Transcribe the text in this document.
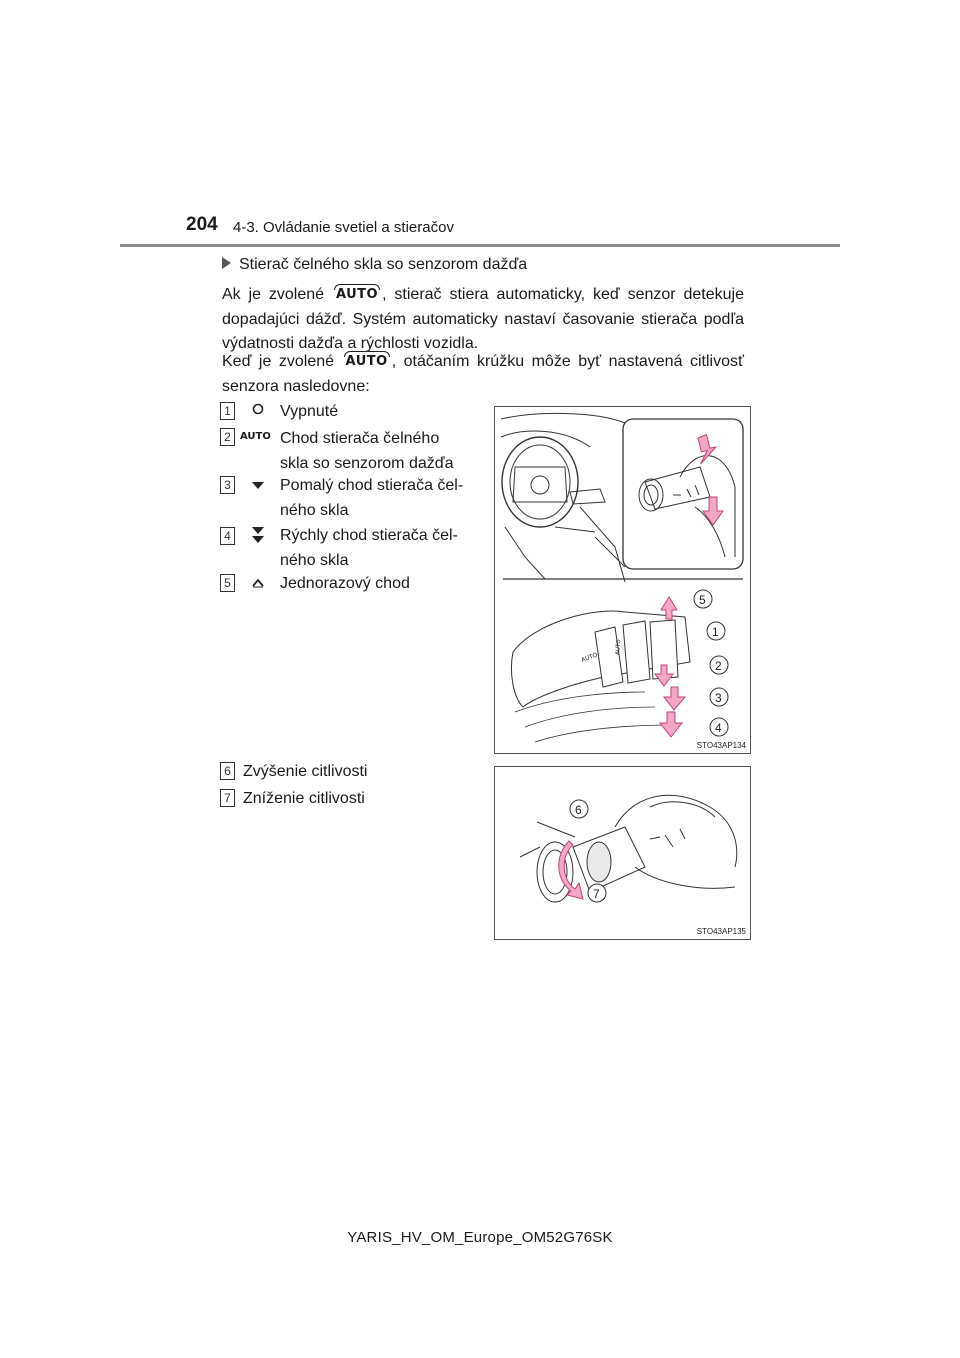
204 4-3. Ovládanie svetiel a stieračov
Stierač čelného skla so senzorom dažďa
Ak je zvolené AUTO , stierač stiera automaticky, keď senzor detekuje dopadajúci dážď. Systém automaticky nastaví časovanie stierača podľa výdatnosti dažďa a rýchlosti vozidla.
Keď je zvolené AUTO , otáčaním krúžku môže byť nastavená citlivosť senzora nasledovne:
1	Vypnuté
2 AUTO Chod stierača čelného
skla so senzorom dažďa
3	Pomalý chod stierača čel-
ného skla
4	Rýchly chod stierača čel-
ného skla
5	Jednorazový chod
AUTO
AUTO
5
1
2
3
4
STO43AP134
6 Zvýšenie citlivosti
7 Zníženie citlivosti
6
7
STO43AP135
YARIS_HV_OM_Europe_OM52G76SK
